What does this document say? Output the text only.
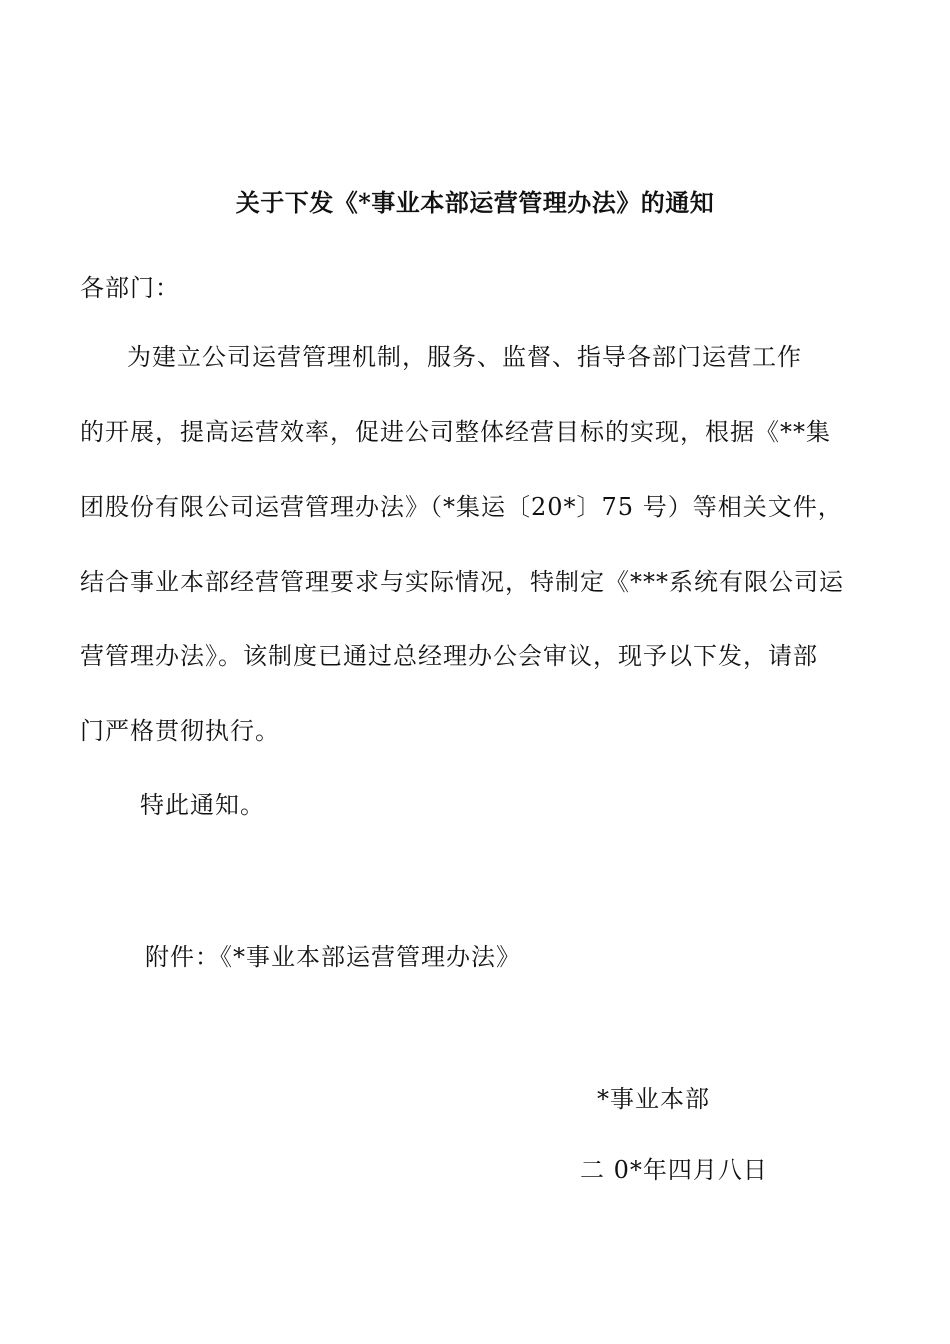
关于下发《*事业本部运营管理办法》的通知
各部门：
为建立公司运营管理机制，服务、监督、指导各部门运营工作
的开展，提高运营效率，促进公司整体经营目标的实现，根据《**集
团股份有限公司运营管理办法》（*集运〔20*〕75 号）等相关文件，
结合事业本部经营管理要求与实际情况，特制定《***系统有限公司运
营管理办法》。该制度已通过总经理办公会审议，现予以下发，请部
门严格贯彻执行。
特此通知。
附件：《*事业本部运营管理办法》
*事业本部
二 0*年四月八日
